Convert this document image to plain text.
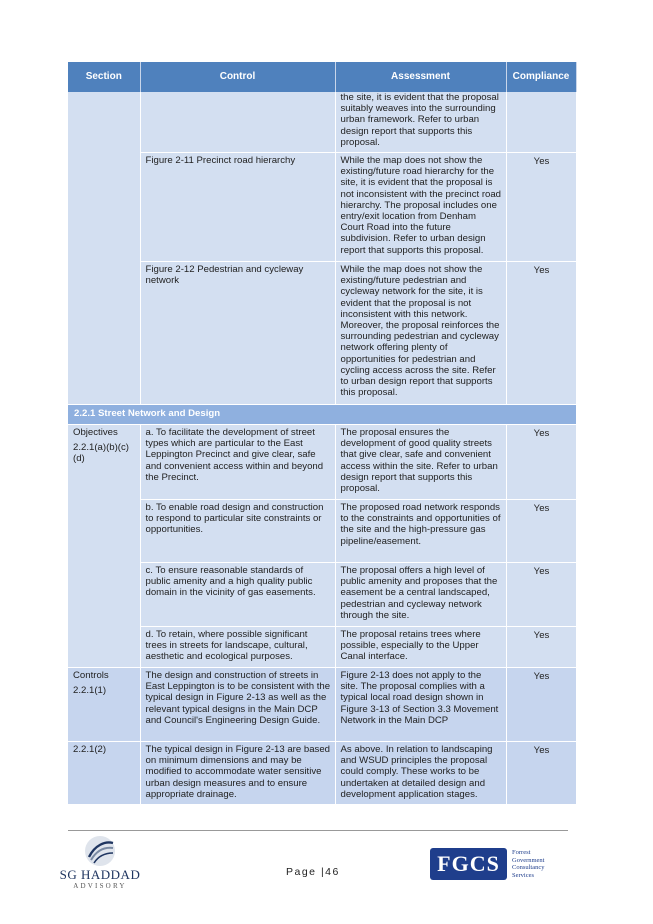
Section	Control	Assessment	Compliance
		the site, it is evident that the proposal suitably weaves into the surrounding urban framework. Refer to urban design report that supports this proposal.	
	Figure 2-11 Precinct road hierarchy	While the map does not show the existing/future road hierarchy for the site, it is evident that the proposal is not inconsistent with the precinct road hierarchy. The proposal includes one entry/exit location from Denham Court Road into the future subdivision. Refer to urban design report that supports this proposal.	Yes
	Figure 2-12 Pedestrian and cycleway network	While the map does not show the existing/future pedestrian and cycleway network for the site, it is evident that the proposal is not inconsistent with this network. Moreover, the proposal reinforces the surrounding pedestrian and cycleway network offering plenty of opportunities for pedestrian and cycling access across the site. Refer to urban design report that supports this proposal.	Yes
2.2.1 Street Network and Design			
Objectives
2.2.1(a)(b)(c)(d)	a. To facilitate the development of street types which are particular to the East Leppington Precinct and give clear, safe and convenient access within and beyond the Precinct.	The proposal ensures the development of good quality streets that give clear, safe and convenient access within the site. Refer to urban design report that supports this proposal.	Yes
	b. To enable road design and construction to respond to particular site constraints or opportunities.	The proposed road network responds to the constraints and opportunities of the site and the high-pressure gas pipeline/easement.	Yes
	c. To ensure reasonable standards of public amenity and a high quality public domain in the vicinity of gas easements.	The proposal offers a high level of public amenity and proposes that the easement be a central landscaped, pedestrian and cycleway network through the site.	Yes
	d. To retain, where possible significant trees in streets for landscape, cultural, aesthetic and ecological purposes.	The proposal retains trees where possible, especially to the Upper Canal interface.	Yes
Controls
2.2.1(1)	The design and construction of streets in East Leppington is to be consistent with the typical design in Figure 2-13 as well as the relevant typical designs in the Main DCP and Council's Engineering Design Guide.	Figure 2-13 does not apply to the site. The proposal complies with a typical local road design shown in Figure 3-13 of Section 3.3 Movement Network in the Main DCP	Yes
2.2.1(2)	The typical design in Figure 2-13 are based on minimum dimensions and may be modified to accommodate water sensitive urban design measures and to ensure appropriate drainage.	As above. In relation to landscaping and WSUD principles the proposal could comply. These works to be undertaken at detailed design and development application stages.	Yes
SG HADDAD
ADVISORY
Page |46	FGCS	Forrest
Government
Consultancy
Services
